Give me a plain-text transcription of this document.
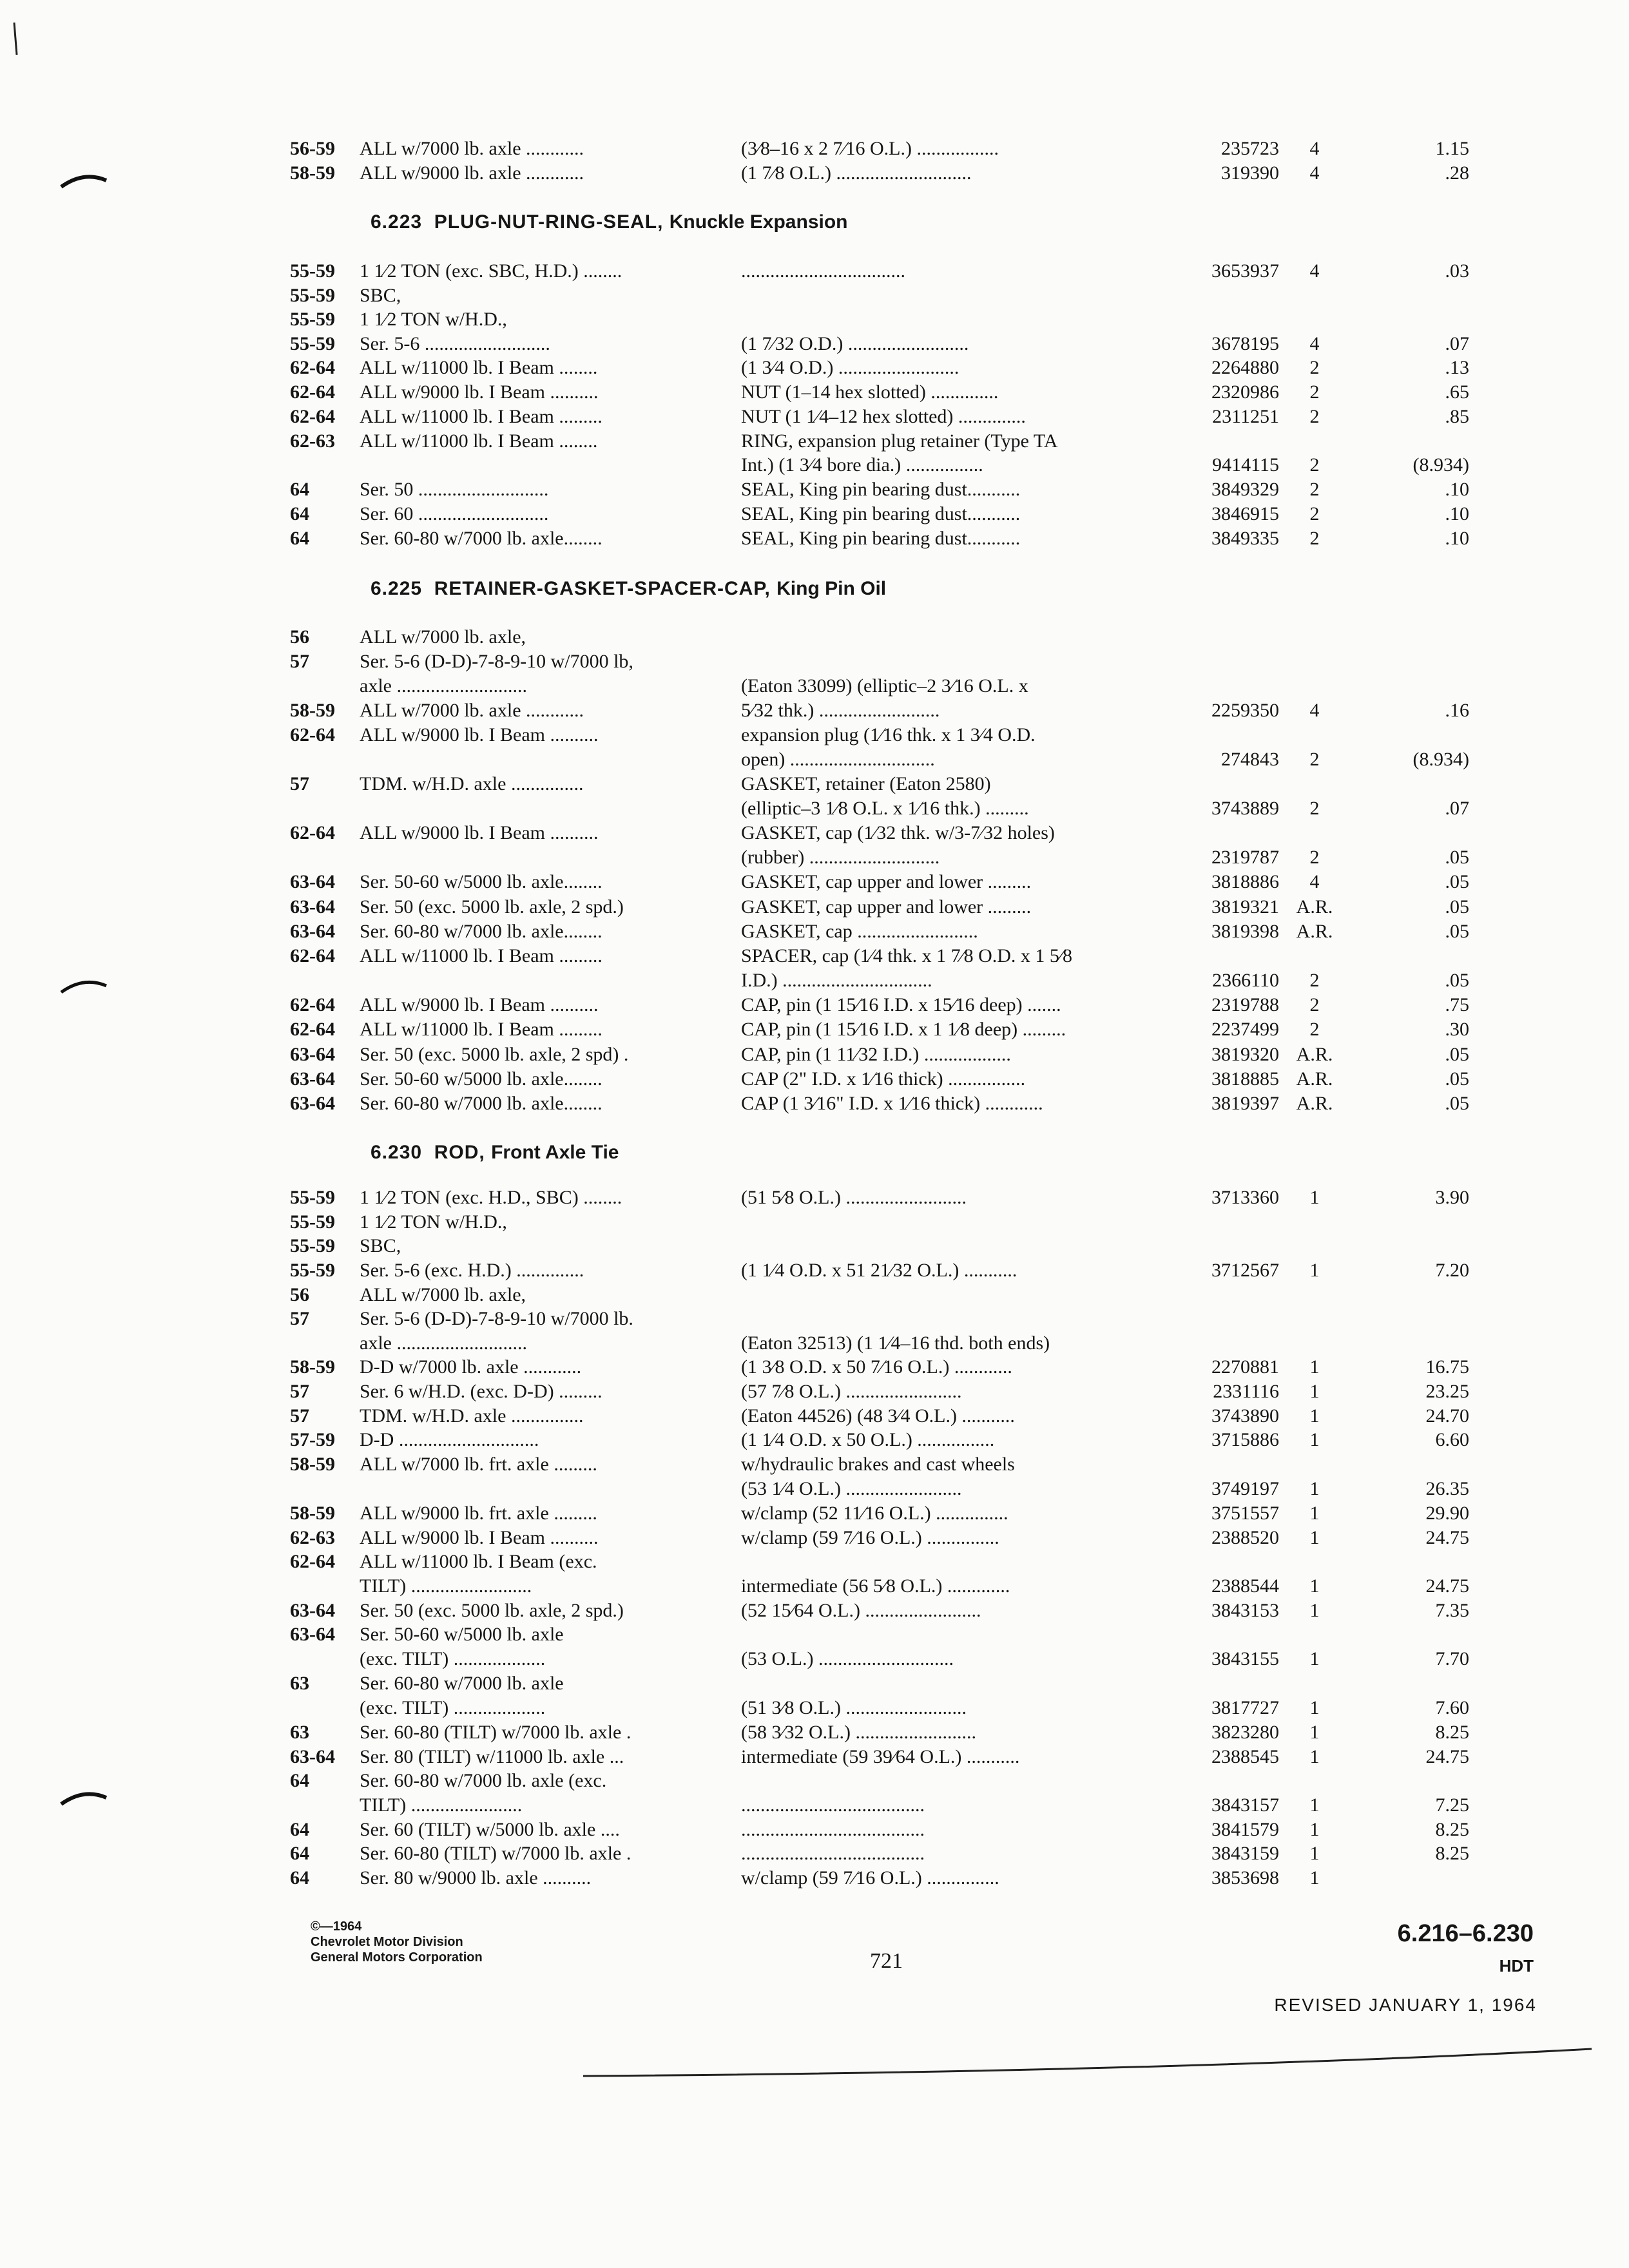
6.223 PLUG-NUT-RING-SEAL, Knuckle Expansion
6.225 RETAINER-GASKET-SPACER-CAP, King Pin Oil
6.230 ROD, Front Axle Tie
56-59	ALL w/7000 lb. axle ............	(3⁄8–16 x 2 7⁄16 O.L.) .................	235723	4	1.15
58-59	ALL w/9000 lb. axle ............	(1 7⁄8 O.L.) ............................	319390	4	.28
55-59	1 1⁄2 TON (exc. SBC, H.D.) ........	..................................	3653937	4	.03
55-59	SBC,
55-59	1 1⁄2 TON w/H.D.,
55-59	Ser. 5-6 ..........................	(1 7⁄32 O.D.) .........................	3678195	4	.07
62-64	ALL w/11000 lb. I Beam ........	(1 3⁄4 O.D.) .........................	2264880	2	.13
62-64	ALL w/9000 lb. I Beam ..........	NUT (1–14 hex slotted) ..............	2320986	2	.65
62-64	ALL w/11000 lb. I Beam .........	NUT (1 1⁄4–12 hex slotted) ..............	2311251	2	.85
62-63	ALL w/11000 lb. I Beam ........	RING, expansion plug retainer (Type TA
Int.) (1 3⁄4 bore dia.) ................	9414115	2	(8.934)
64	Ser. 50 ...........................	SEAL, King pin bearing dust...........	3849329	2	.10
64	Ser. 60 ...........................	SEAL, King pin bearing dust...........	3846915	2	.10
64	Ser. 60-80 w/7000 lb. axle........	SEAL, King pin bearing dust...........	3849335	2	.10
56	ALL w/7000 lb. axle,
57	Ser. 5-6 (D-D)-7-8-9-10 w/7000 lb,
axle ...........................	(Eaton 33099) (elliptic–2 3⁄16 O.L. x
58-59	ALL w/7000 lb. axle ............	5⁄32 thk.) .........................	2259350	4	.16
62-64	ALL w/9000 lb. I Beam ..........	expansion plug (1⁄16 thk. x 1 3⁄4 O.D.
open) ..............................	274843	2	(8.934)
57	TDM. w/H.D. axle ...............	GASKET, retainer (Eaton 2580)
(elliptic–3 1⁄8 O.L. x 1⁄16 thk.) .........	3743889	2	.07
62-64	ALL w/9000 lb. I Beam ..........	GASKET, cap (1⁄32 thk. w/3-7⁄32 holes)
(rubber) ...........................	2319787	2	.05
63-64	Ser. 50-60 w/5000 lb. axle........	GASKET, cap upper and lower .........	3818886	4	.05
63-64	Ser. 50 (exc. 5000 lb. axle, 2 spd.)	GASKET, cap upper and lower .........	3819321 A.R.	.05
63-64	Ser. 60-80 w/7000 lb. axle........	GASKET, cap .........................	3819398 A.R.	.05
62-64	ALL w/11000 lb. I Beam .........	SPACER, cap (1⁄4 thk. x 1 7⁄8 O.D. x 1 5⁄8
I.D.) ...............................	2366110	2	.05
62-64	ALL w/9000 lb. I Beam ..........	CAP, pin (1 15⁄16 I.D. x 15⁄16 deep) .......	2319788	2	.75
62-64	ALL w/11000 lb. I Beam .........	CAP, pin (1 15⁄16 I.D. x 1 1⁄8 deep) .........	2237499	2	.30
63-64	Ser. 50 (exc. 5000 lb. axle, 2 spd) .	CAP, pin (1 11⁄32 I.D.) ..................	3819320 A.R.	.05
63-64	Ser. 50-60 w/5000 lb. axle........	CAP (2" I.D. x 1⁄16 thick) ................	3818885 A.R.	.05
63-64	Ser. 60-80 w/7000 lb. axle........	CAP (1 3⁄16" I.D. x 1⁄16 thick) ............	3819397 A.R.	.05
55-59	1 1⁄2 TON (exc. H.D., SBC) ........	(51 5⁄8 O.L.) .........................	3713360	1	3.90
55-59	1 1⁄2 TON w/H.D.,
55-59	SBC,
55-59	Ser. 5-6 (exc. H.D.) ..............	(1 1⁄4 O.D. x 51 21⁄32 O.L.) ...........	3712567	1	7.20
56	ALL w/7000 lb. axle,
57	Ser. 5-6 (D-D)-7-8-9-10 w/7000 lb.
axle ...........................	(Eaton 32513) (1 1⁄4–16 thd. both ends)
58-59	D-D w/7000 lb. axle ............	(1 3⁄8 O.D. x 50 7⁄16 O.L.) ............	2270881	1	16.75
57	Ser. 6 w/H.D. (exc. D-D) .........	(57 7⁄8 O.L.) ........................	2331116	1	23.25
57	TDM. w/H.D. axle ...............	(Eaton 44526) (48 3⁄4 O.L.) ...........	3743890	1	24.70
57-59	D-D .............................	(1 1⁄4 O.D. x 50 O.L.) ................	3715886	1	6.60
58-59	ALL w/7000 lb. frt. axle .........	w/hydraulic brakes and cast wheels
(53 1⁄4 O.L.) ........................	3749197	1	26.35
58-59	ALL w/9000 lb. frt. axle .........	w/clamp (52 11⁄16 O.L.) ...............	3751557	1	29.90
62-63	ALL w/9000 lb. I Beam ..........	w/clamp (59 7⁄16 O.L.) ...............	2388520	1	24.75
62-64	ALL w/11000 lb. I Beam (exc.
TILT) .........................	intermediate (56 5⁄8 O.L.) .............	2388544	1	24.75
63-64	Ser. 50 (exc. 5000 lb. axle, 2 spd.)	(52 15⁄64 O.L.) ........................	3843153	1	7.35
63-64	Ser. 50-60 w/5000 lb. axle
(exc. TILT) ...................	(53 O.L.) ............................	3843155	1	7.70
63	Ser. 60-80 w/7000 lb. axle
(exc. TILT) ...................	(51 3⁄8 O.L.) .........................	3817727	1	7.60
63	Ser. 60-80 (TILT) w/7000 lb. axle .	(58 3⁄32 O.L.) .........................	3823280	1	8.25
63-64	Ser. 80 (TILT) w/11000 lb. axle ...	intermediate (59 39⁄64 O.L.) ...........	2388545	1	24.75
64	Ser. 60-80 w/7000 lb. axle (exc.
TILT) .......................	......................................	3843157	1	7.25
64	Ser. 60 (TILT) w/5000 lb. axle ....	......................................	3841579	1	8.25
64	Ser. 60-80 (TILT) w/7000 lb. axle .	......................................	3843159	1	8.25
64	Ser. 80 w/9000 lb. axle ..........	w/clamp (59 7⁄16 O.L.) ...............	3853698	1
©—1964
Chevrolet Motor Division
General Motors Corporation	721
6.216–6.230
HDT
REVISED JANUARY 1, 1964
